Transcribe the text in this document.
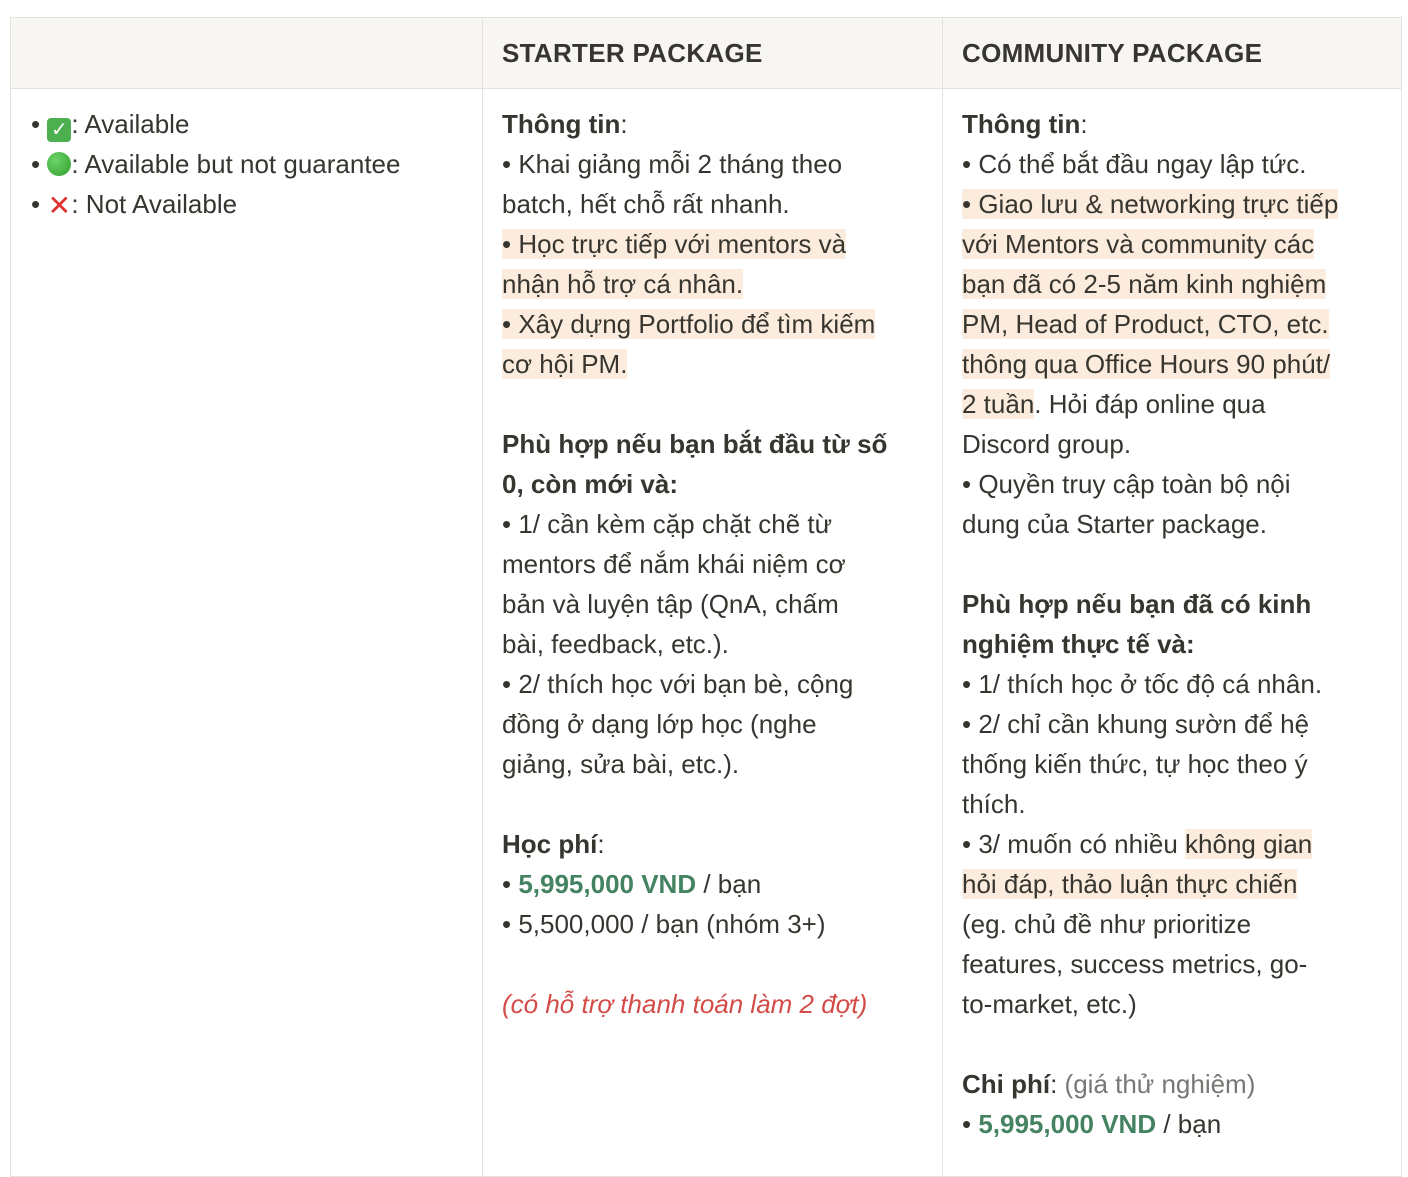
STARTER PACKAGE	COMMUNITY PACKAGE
• ✓ : Available
• : Available but not guarantee
• ✕: Not Available
Thông tin:
• Khai giảng mỗi 2 tháng theo
batch, hết chỗ rất nhanh.
• Học trực tiếp với mentors và
nhận hỗ trợ cá nhân.
• Xây dựng Portfolio để tìm kiếm
cơ hội PM.
Phù hợp nếu bạn bắt đầu từ số
0, còn mới và:
• 1/ cần kèm cặp chặt chẽ từ
mentors để nắm khái niệm cơ
bản và luyện tập (QnA, chấm
bài, feedback, etc.).
• 2/ thích học với bạn bè, cộng
đồng ở dạng lớp học (nghe
giảng, sửa bài, etc.).
Học phí:
• 5,995,000 VND / bạn
• 5,500,000 / bạn (nhóm 3+)
(có hỗ trợ thanh toán làm 2 đợt)
Thông tin:
• Có thể bắt đầu ngay lập tức.
• Giao lưu & networking trực tiếp
với Mentors và community các
bạn đã có 2-5 năm kinh nghiệm
PM, Head of Product, CTO, etc.
thông qua Office Hours 90 phút/
2 tuần. Hỏi đáp online qua
Discord group.
• Quyền truy cập toàn bộ nội
dung của Starter package.
Phù hợp nếu bạn đã có kinh
nghiệm thực tế và:
• 1/ thích học ở tốc độ cá nhân.
• 2/ chỉ cần khung sườn để hệ
thống kiến thức, tự học theo ý
thích.
• 3/ muốn có nhiều không gian
hỏi đáp, thảo luận thực chiến
(eg. chủ đề như prioritize
features, success metrics, go-
to-market, etc.)
Chi phí: (giá thử nghiệm)
• 5,995,000 VND / bạn
